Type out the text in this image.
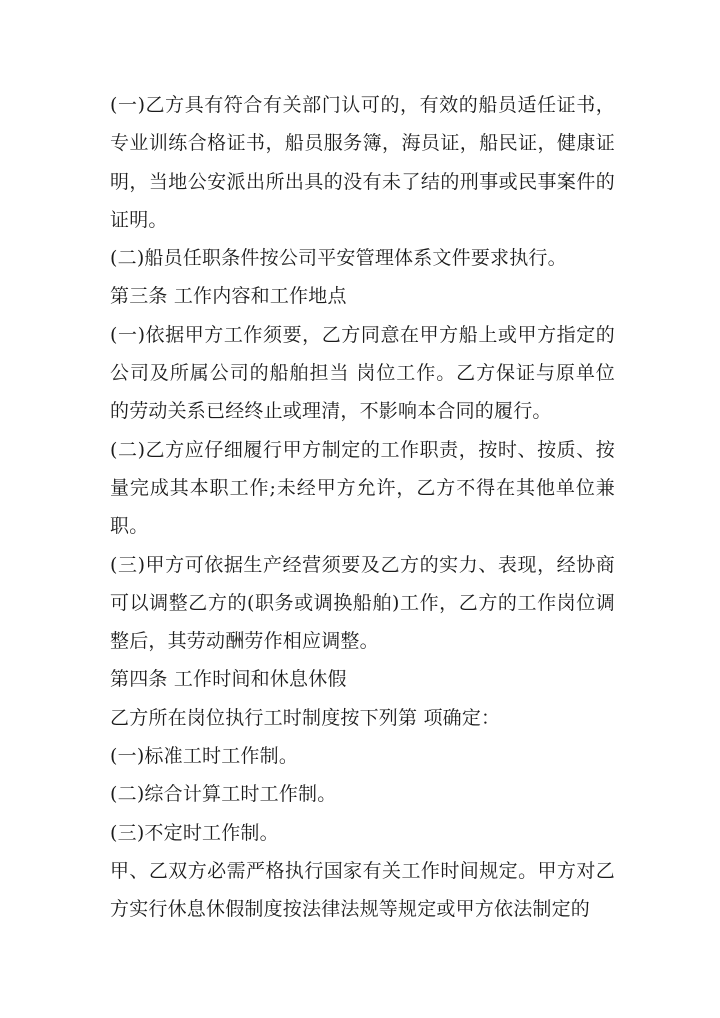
(一)乙方具有符合有关部门认可的，有效的船员适任证书，专业训练合格证书，船员服务簿，海员证，船民证，健康证明，当地公安派出所出具的没有未了结的刑事或民事案件的证明。

(二)船员任职条件按公司平安管理体系文件要求执行。

第三条 工作内容和工作地点

(一)依据甲方工作须要，乙方同意在甲方船上或甲方指定的公司及所属公司的船舶担当 岗位工作。乙方保证与原单位的劳动关系已经终止或理清，不影响本合同的履行。

(二)乙方应仔细履行甲方制定的工作职责，按时、按质、按量完成其本职工作;未经甲方允许，乙方不得在其他单位兼职。

(三)甲方可依据生产经营须要及乙方的实力、表现，经协商可以调整乙方的(职务或调换船舶)工作，乙方的工作岗位调整后，其劳动酬劳作相应调整。

第四条 工作时间和休息休假

乙方所在岗位执行工时制度按下列第 项确定：

(一)标准工时工作制。

(二)综合计算工时工作制。

(三)不定时工作制。

甲、乙双方必需严格执行国家有关工作时间规定。甲方对乙方实行休息休假制度按法律法规等规定或甲方依法制定的
